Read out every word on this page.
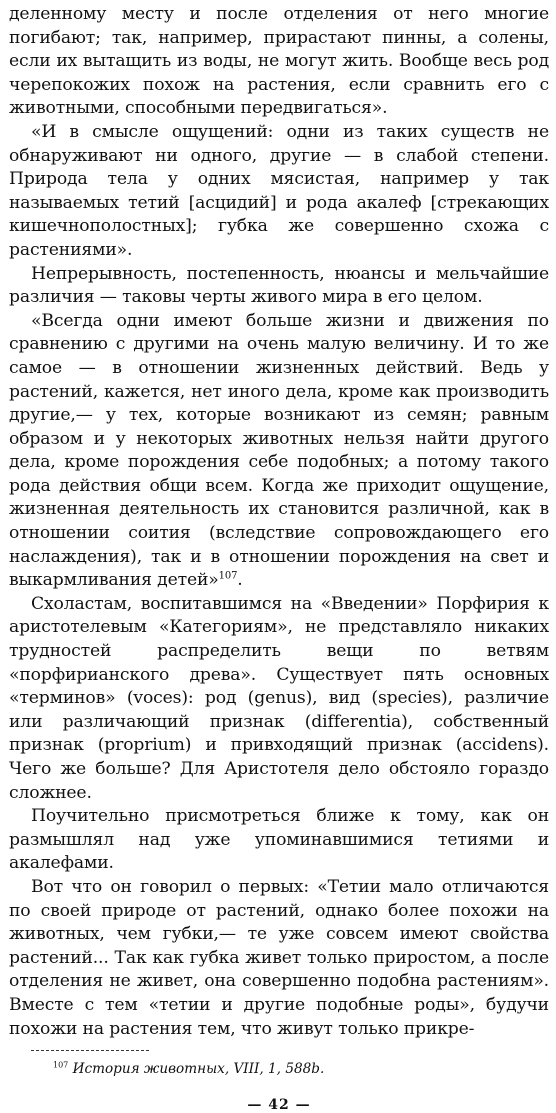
деленному месту и после отделения от него многие погибают; так, например, прирастают пинны, а солены, если их вытащить из воды, не могут жить. Вообще весь род черепокожих похож на растения, если сравнить его с животными, способными передвигаться».

«И в смысле ощущений: одни из таких существ не обнаруживают ни одного, другие — в слабой степени. Природа тела у одних мясистая, например у так называемых тетий [асцидий] и рода акалеф [стрекающих кишечнополостных]; губка же совершенно схожа с растениями».

Непрерывность, постепенность, нюансы и мельчайшие различия — таковы черты живого мира в его целом.

«Всегда одни имеют больше жизни и движения по сравнению с другими на очень малую величину. И то же самое — в отношении жизненных действий. Ведь у растений, кажется, нет иного дела, кроме как производить другие,— у тех, которые возникают из семян; равным образом и у некоторых животных нельзя найти другого дела, кроме порождения себе подобных; а потому такого рода действия общи всем. Когда же приходит ощущение, жизненная деятельность их становится различной, как в отношении соития (вследствие сопровождающего его наслаждения), так и в отношении порождения на свет и выкармливания детей»$^{107}$.

Схоластам, воспитавшимся на «Введении» Порфирия к аристотелевым «Категориям», не представляло никаких трудностей распределить вещи по ветвям «порфирианского древа». Существует пять основных «терминов» (voces): род (genus), вид (species), различие или различающий признак (differentia), собственный признак (proprium) и привходящий признак (accidens). Чего же больше? Для Аристотеля дело обстояло гораздо сложнее.

Поучительно присмотреться ближе к тому, как он размышлял над уже упоминавшимися тетиями и акалефами.

Вот что он говорил о первых: «Тетии мало отличаются по своей природе от растений, однако более похожи на животных, чем губки,— те уже совсем имеют свойства растений... Так как губка живет только приростом, а после отделения не живет, она совершенно подобна растениям». Вместе с тем «тетии и другие подобные роды», будучи похожи на растения тем, что живут только прикре-

$^{107}$ История животных, VIII, 1, 588b.
— 42 —
